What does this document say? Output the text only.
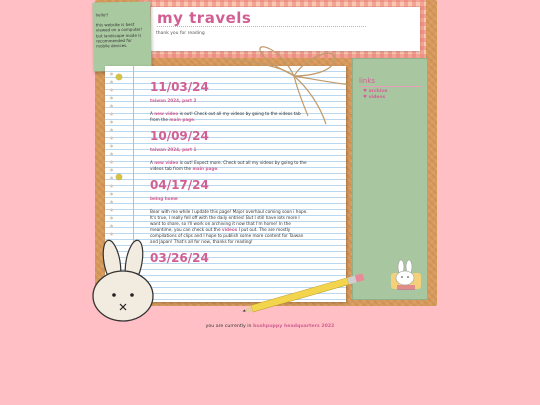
my travels
thank you for reading
hello!!
this website is best viewed on a computer! but landscape mode is recommended for mobile devices.
11/03/24
taiwan 2024, part 2
A new video is out! Check out all my videos by going to the videos tab from the main page.
10/09/24
taiwan 2024, part 1
A new video is out! Expect more. Check out all my videos by going to the videos tab from the main page.
04/17/24
being home
Bear with me while I update this page! Major overhaul coming soon i hope. It's true, I really fell off with the daily entries! But I still have lots more I want to share, so I'll work on archiving it now that I'm home! In the meantime, you can check out the videos I put out. The are mostly compilations of clips and I hope to publish some more content for Taiwan and Japan! That's all for now, thanks for reading!
03/26/24
links
♥ archive
♥ videos
you are currently in bushpuppy headquarters 2022
